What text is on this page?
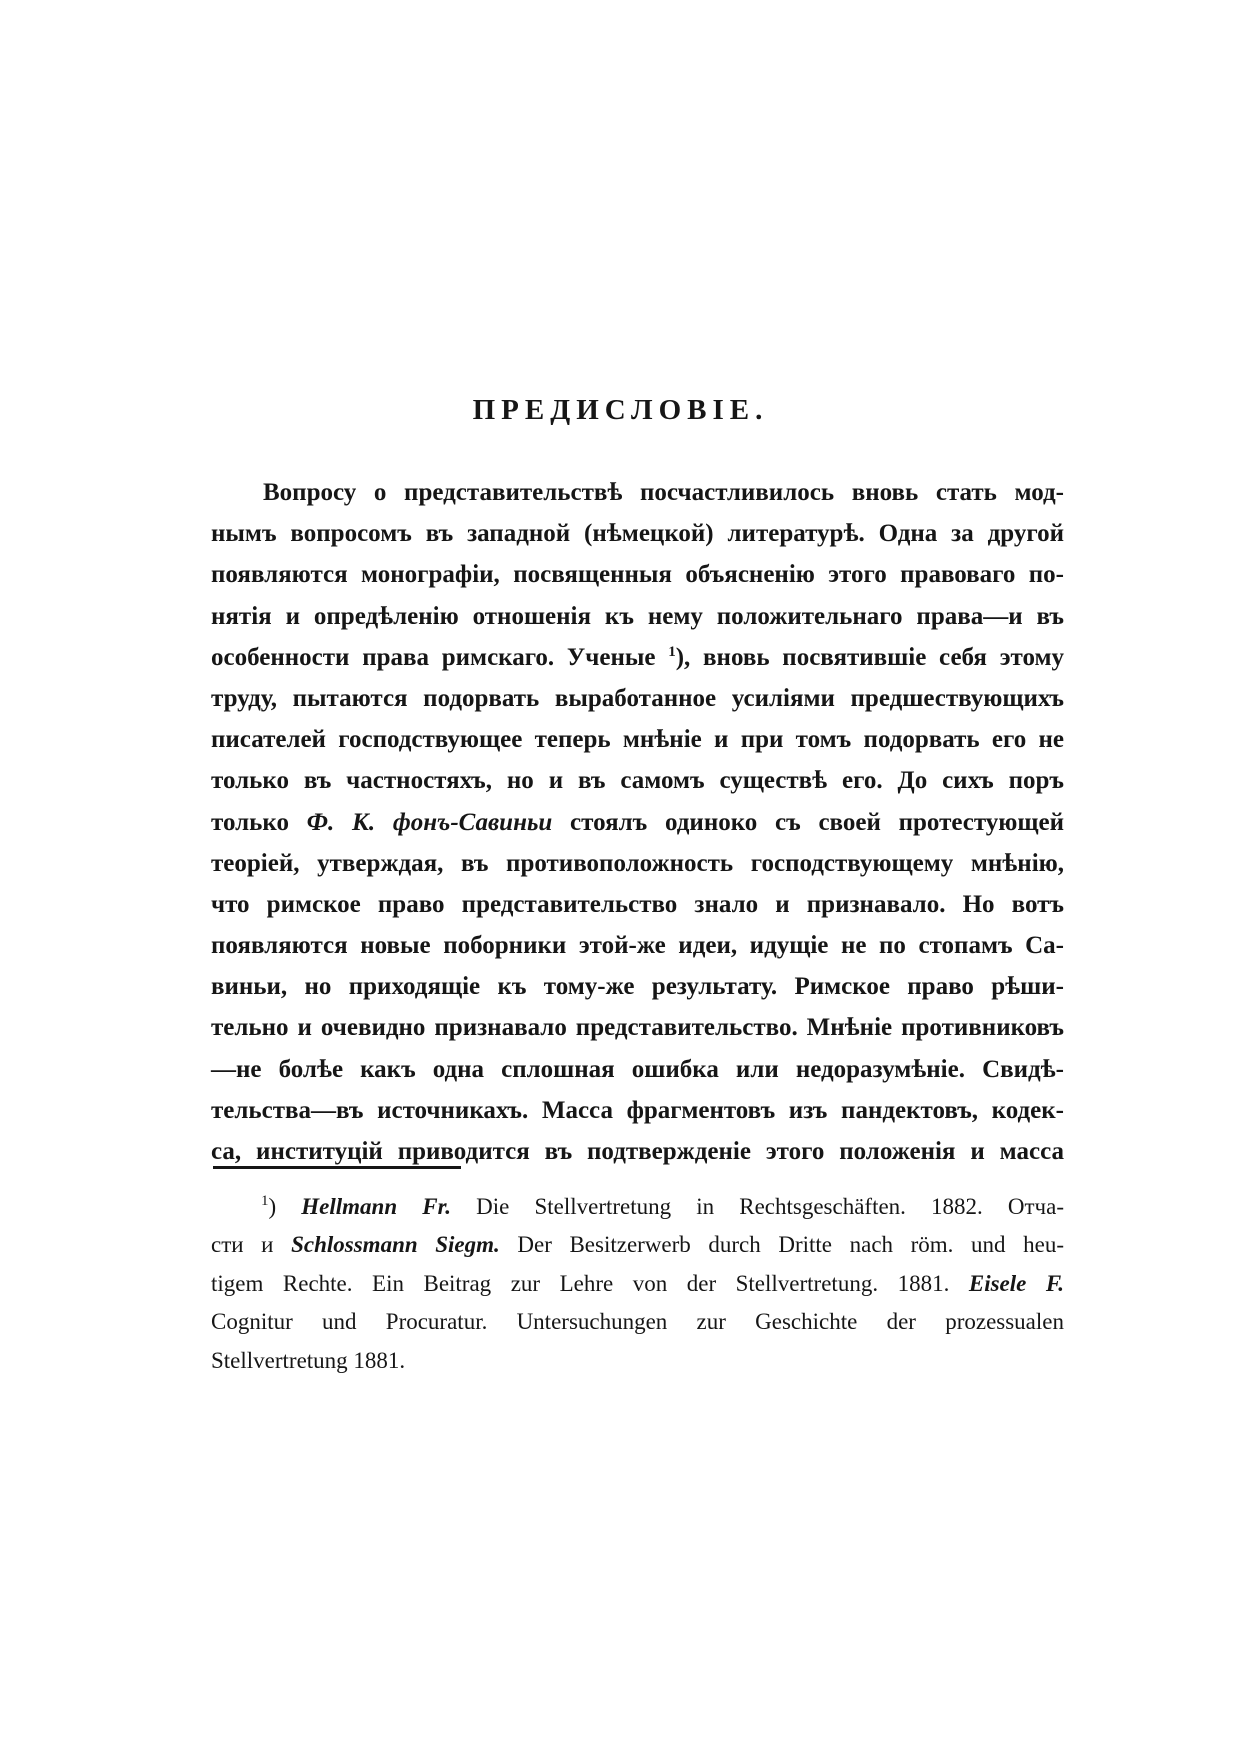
ПРЕДИСЛОВІЕ.
Вопросу о представительствѣ посчастливилось вновь стать мод-
нымъ вопросомъ въ западной (нѣмецкой) литературѣ. Одна за другой
появляются монографіи, посвященныя объясненію этого правоваго по-
нятія и опредѣленію отношенія къ нему положительнаго права—и въ
особенности права римскаго. Ученые $^1$), вновь посвятившіе себя этому
труду, пытаются подорвать выработанное усиліями предшествующихъ
писателей господствующее теперь мнѣніе и при томъ подорвать его не
только въ частностяхъ, но и въ самомъ существѣ его. До сихъ поръ
только Ф. К. фонъ-Савиньи стоялъ одиноко съ своей протестующей
теоріей, утверждая, въ противоположность господствующему мнѣнію,
что римское право представительство знало и признавало. Но вотъ
появляются новые поборники этой-же идеи, идущіе не по стопамъ Са-
виньи, но приходящіе къ тому-же результату. Римское право рѣши-
тельно и очевидно признавало представительство. Мнѣніе противниковъ
—не болѣе какъ одна сплошная ошибка или недоразумѣніе. Свидѣ-
тельства—въ источникахъ. Масса фрагментовъ изъ пандектовъ, кодек-
са, институцій приводится въ подтвержденіе этого положенія и масса
$^1$) Hellmann Fr. Die Stellvertretung in Rechtsgeschäften. 1882. Отча-
сти и Schlossmann Siegm. Der Besitzerwerb durch Dritte nach röm. und heu-
tigem Rechte. Ein Beitrag zur Lehre von der Stellvertretung. 1881. Eisele F.
Cognitur und Procuratur. Untersuchungen zur Geschichte der prozessualen
Stellvertretung 1881.
